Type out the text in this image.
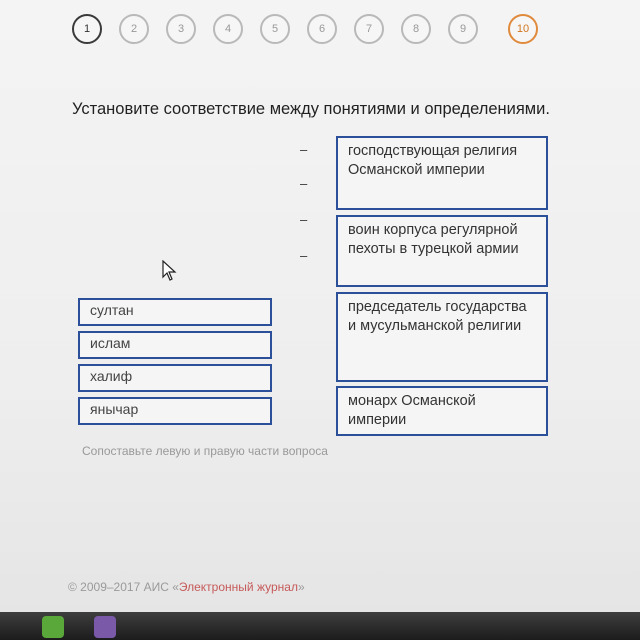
1	2	3	4	5	6	7	8	9	10
Установите соответствие между понятиями и определениями.
–
–
–
–
султан
ислам
халиф
янычар
господствующая религия Османской империи
воин корпуса регулярной пехоты в турецкой армии
председатель государства и мусульманской религии
монарх Османской империи
Сопоставьте левую и правую части вопроса
© 2009–2017 АИС «Электронный журнал»
